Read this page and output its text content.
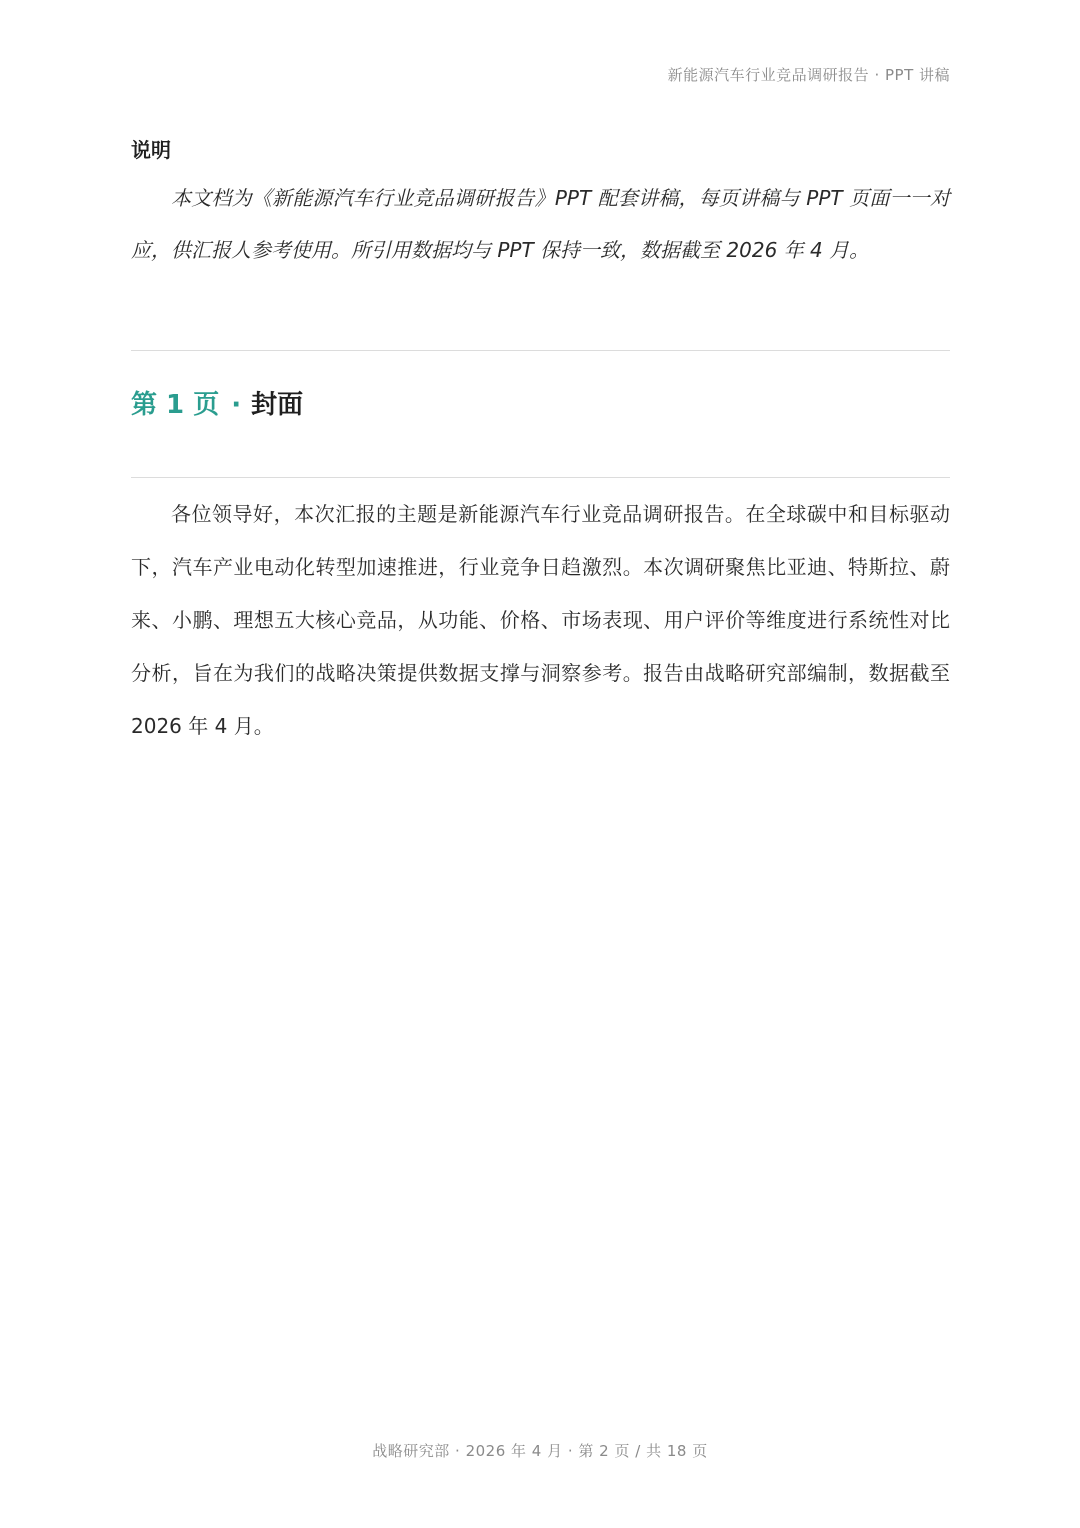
新能源汽车行业竞品调研报告 · PPT 讲稿
说明
本文档为《新能源汽车行业竞品调研报告》PPT 配套讲稿，每页讲稿与 PPT 页面一一对应，供汇报人参考使用。所引用数据均与 PPT 保持一致，数据截至 2026 年 4 月。
第 1 页 · 封面
各位领导好，本次汇报的主题是新能源汽车行业竞品调研报告。在全球碳中和目标驱动下，汽车产业电动化转型加速推进，行业竞争日趋激烈。本次调研聚焦比亚迪、特斯拉、蔚来、小鹏、理想五大核心竞品，从功能、价格、市场表现、用户评价等维度进行系统性对比分析，旨在为我们的战略决策提供数据支撑与洞察参考。报告由战略研究部编制，数据截至 2026 年 4 月。
战略研究部 · 2026 年 4 月 · 第 2 页 / 共 18 页
